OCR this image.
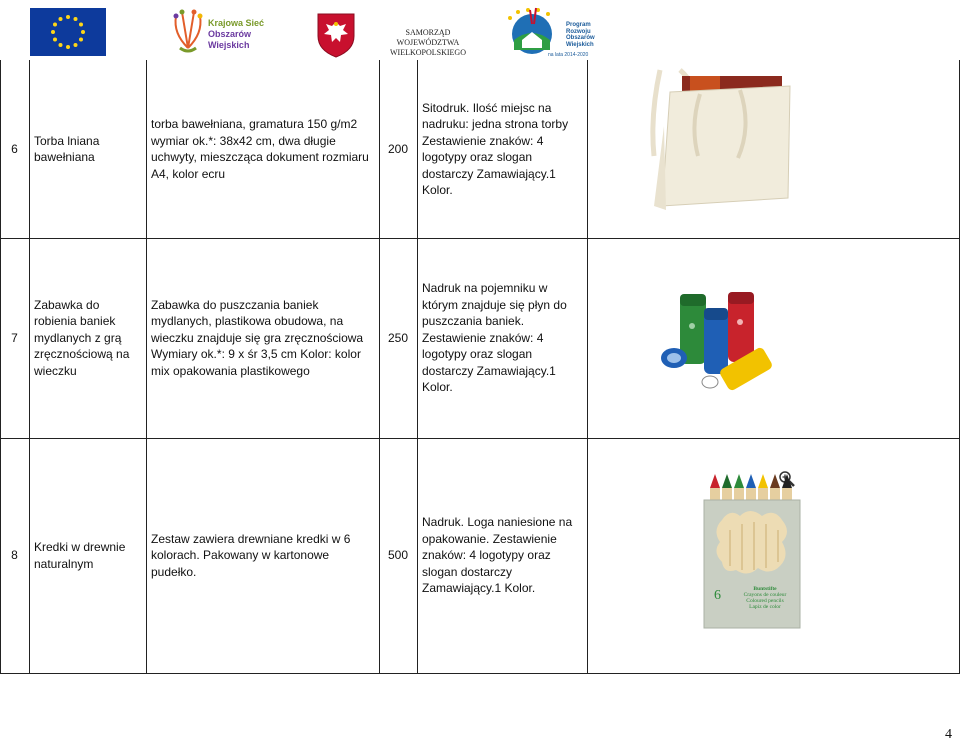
Krajowa Sieć
Obszarów Wiejskich
SAMORZĄD WOJEWÓDZTWA
WIELKOPOLSKIEGO
Program
Rozwoju
Obszarów
Wiejskich
na lata 2014-2020
6
Torba lniana bawełniana
torba bawełniana, gramatura 150 g/m2 wymiar ok.*: 38x42 cm, dwa długie uchwyty, mieszcząca dokument rozmiaru A4, kolor ecru
200
Sitodruk. Ilość miejsc na nadruku: jedna strona torby Zestawienie znaków: 4 logotypy oraz slogan dostarczy Zamawiający.1 Kolor.
7
Zabawka do robienia baniek mydlanych z grą zręcznościową na wieczku
Zabawka do puszczania baniek mydlanych, plastikowa obudowa, na wieczku znajduje się gra zręcznościowa Wymiary ok.*: 9 x śr 3,5 cm Kolor: kolor mix opakowania plastikowego
250
Nadruk na pojemniku w którym znajduje się płyn do puszczania baniek. Zestawienie znaków: 4 logotypy oraz slogan dostarczy Zamawiający.1 Kolor.
8
Kredki w drewnie naturalnym
Zestaw zawiera drewniane kredki w 6 kolorach. Pakowany w kartonowe pudełko.
500
Nadruk. Loga naniesione na opakowanie. Zestawienie znaków: 4 logotypy oraz slogan dostarczy Zamawiający.1 Kolor.	6	Buntstifte
Crayons de couleur
Coloured pencils
Lapiz de color
4
